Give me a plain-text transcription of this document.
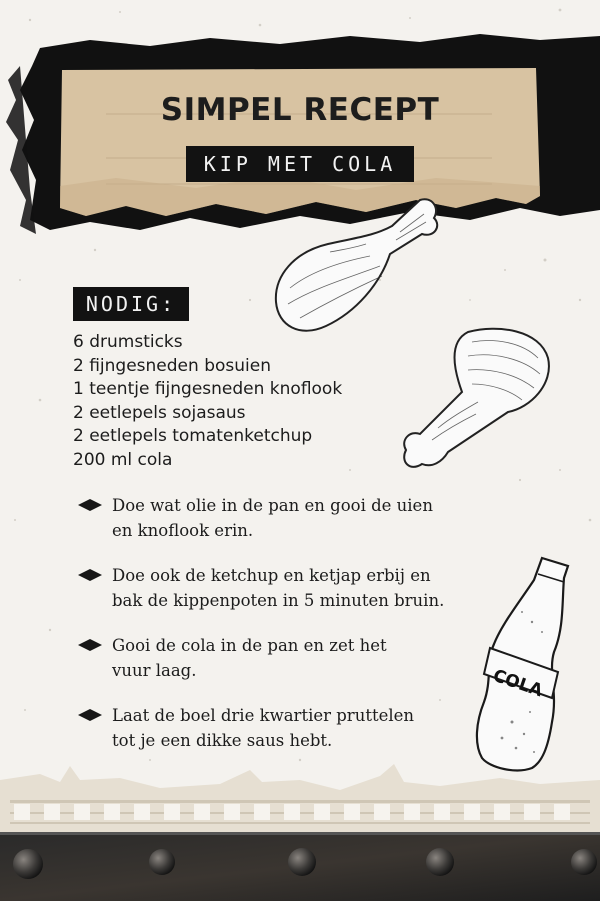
SIMPEL RECEPT
KIP MET COLA
NODIG:
6 drumsticks
2 fijngesneden bosuien
1 teentje fijngesneden knoflook
2 eetlepels sojasaus
2 eetlepels tomatenketchup
200 ml cola
Doe wat olie in de pan en gooi de uien
en knoflook erin.
Doe ook de ketchup en ketjap erbij en
bak de kippenpoten in 5 minuten bruin.
Gooi de cola in de pan en zet het
vuur laag.
Laat de boel drie kwartier pruttelen
tot je een dikke saus hebt.
COLA
